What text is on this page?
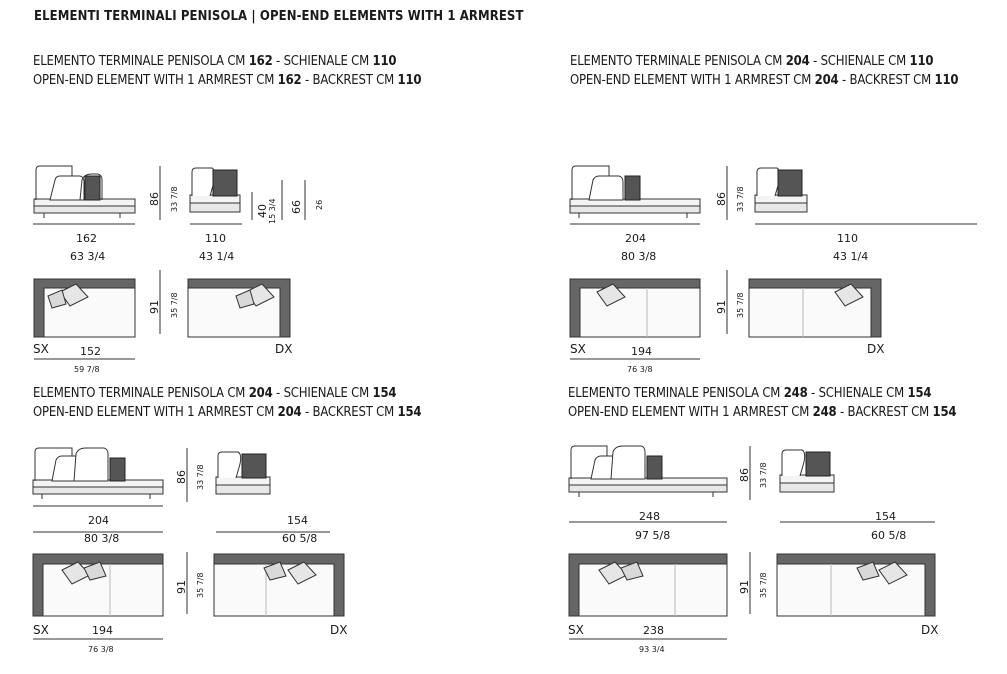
ELEMENTI TERMINALI PENISOLA | OPEN-END ELEMENTS WITH 1 ARMREST
ELEMENTO TERMINALE PENISOLA CM 162 - SCHIENALE CM 110
OPEN-END ELEMENT WITH 1 ARMREST CM 162 - BACKREST CM 110
162
63 3/4
110
43 1/4
86 33 7/8	40 15 3/4 66 26
91 35 7/8
SX	DX
152
59 7/8
ELEMENTO TERMINALE PENISOLA CM 204 - SCHIENALE CM 110
OPEN-END ELEMENT WITH 1 ARMREST CM 204 - BACKREST CM 110
204
80 3/8
110
43 1/4
86 33 7/8
91 35 7/8
SX	DX
194
76 3/8
ELEMENTO TERMINALE PENISOLA CM 204 - SCHIENALE CM 154
OPEN-END ELEMENT WITH 1 ARMREST CM 204 - BACKREST CM 154
204
80 3/8
154
60 5/8
86 33 7/8
91 35 7/8
SX	DX
194
76 3/8
ELEMENTO TERMINALE PENISOLA CM 248 - SCHIENALE CM 154
OPEN-END ELEMENT WITH 1 ARMREST CM 248 - BACKREST CM 154
248
97 5/8
154
60 5/8
86 33 7/8
91 35 7/8
SX	DX
238
93 3/4
